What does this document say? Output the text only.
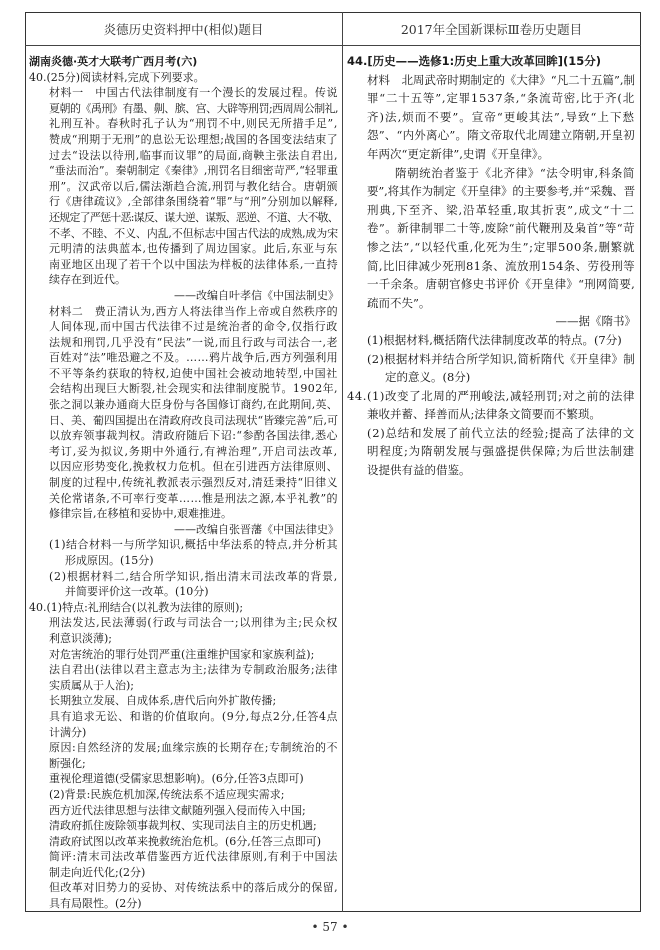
炎德历史资料押中(相似)题目	2017年全国新课标Ⅲ卷历史题目
湖南炎德·英才大联考广西月考(六)
40.(25分)阅读材料,完成下列要求。
材料一　中国古代法律制度有一个漫长的发展过程。传说
夏朝的《禹刑》有墨、劓、膑、宫、大辟等刑罚;西周周公制礼,
礼刑互补。春秋时孔子认为“刑罚不中,则民无所措手足”,
赞成“刑期于无刑”的息讼无讼理想;战国的各国变法结束了
过去“设法以待刑,临事而议罪”的局面,商鞅主张法自君出,
“垂法而治”。秦朝制定《秦律》,刑罚名目细密苛严,“轻罪重
刑”。汉武帝以后,儒法渐趋合流,刑罚与教化结合。唐朝颁
行《唐律疏议》,全部律条围绕着“罪”与“刑”分别加以解释,
还规定了严惩十恶:谋反、谋大逆、谋叛、恶逆、不道、大不敬、
不孝、不睦、不义、内乱,不但标志中国古代法的成熟,成为宋
元明清的法典蓝本,也传播到了周边国家。此后,东亚与东
南亚地区出现了若干个以中国法为样板的法律体系,一直持
续存在到近代。
——改编自叶孝信《中国法制史》
材料二　费正清认为,西方人将法律当作上帝或自然秩序的
人间体现,而中国古代法律不过是统治者的命令,仅指行政
法规和刑罚,几乎没有“民法”一说,而且行政与司法合一,老
百姓对“法”唯恐避之不及。……鸦片战争后,西方列强利用
不平等条约获取的特权,迫使中国社会被动地转型,中国社
会结构出现巨大断裂,社会现实和法律制度脱节。1902年,
张之洞以兼办通商大臣身份与各国修订商约,在此期间,英、
日、美、葡四国提出在清政府改良司法现状“皆臻完善”后,可
以放弃领事裁判权。清政府随后下诏:“参酌各国法律,悉心
考订,妥为拟议,务期中外通行,有裨治理”,开启司法改革,
以因应形势变化,挽救权力危机。但在引进西方法律原则、
制度的过程中,传统礼教派表示强烈反对,清廷秉持“旧律义
关伦常诸条,不可率行变革……惟是刑法之源,本乎礼教”的
修律宗旨,在移植和妥协中,艰难推进。
——改编自张晋藩《中国法律史》
(1)结合材料一与所学知识,概括中华法系的特点,并分析其
形成原因。(15分)
(2)根据材料二,结合所学知识,指出清末司法改革的背景,
并简要评价这一改革。(10分)
40.(1)特点:礼刑结合(以礼教为法律的原则);
刑法发达,民法薄弱(行政与司法合一;以刑律为主;民众权
利意识淡薄);
对危害统治的罪行处罚严重(注重维护国家和家族利益);
法自君出(法律以君主意志为主;法律为专制政治服务;法律
实质属从于人治);
长期独立发展、自成体系,唐代后向外扩散传播;
具有追求无讼、和谐的价值取向。(9分,每点2分,任答4点
计满分)
原因:自然经济的发展;血缘宗族的长期存在;专制统治的不
断强化;
重视伦理道德(受儒家思想影响)。(6分,任答3点即可)
(2)背景:民族危机加深,传统法系不适应现实需求;
西方近代法律思想与法律文献随列强入侵而传入中国;
清政府抓住废除领事裁判权、实现司法自主的历史机遇;
清政府试图以改革来挽救统治危机。(6分,任答三点即可)
简评:清末司法改革借鉴西方近代法律原则,有利于中国法
制走向近代化;(2分)
但改革对旧势力的妥协、对传统法系中的落后成分的保留,
具有局限性。(2分)
44.[历史——选修1:历史上重大改革回眸](15分)
材料　北周武帝时期制定的《大律》“凡二十五篇”,制
罪“二十五等”,定罪1537条,“条流苛密,比于齐(北
齐)法,烦而不要”。宣帝“更峻其法”,导致“上下愁
怨”、“内外离心”。隋文帝取代北周建立隋朝,开皇初
年两次“更定新律”,史谓《开皇律》。
隋朝统治者鉴于《北齐律》“法令明审,科条简
要”,将其作为制定《开皇律》的主要参考,并“采魏、晋
刑典,下至齐、梁,沿革轻重,取其折衷”,成文“十二
卷”。新律制罪二十等,废除“前代鞭刑及枭首”等“苛
惨之法”,“以轻代重,化死为生”;定罪500条,删繁就
简,比旧律减少死刑81条、流放刑154条、劳役刑等
一千余条。唐朝官修史书评价《开皇律》“刑网简要,
疏而不失”。
——据《隋书》
(1)根据材料,概括隋代法律制度改革的特点。(7分)
(2)根据材料并结合所学知识,简析隋代《开皇律》制
定的意义。(8分)
44.(1)改变了北周的严刑峻法,减轻刑罚;对之前的法律
兼收并蓄、择善而从;法律条文简要而不繁琐。
(2)总结和发展了前代立法的经验;提高了法律的文
明程度;为隋朝发展与强盛提供保障;为后世法制建
设提供有益的借鉴。
• 57 •
